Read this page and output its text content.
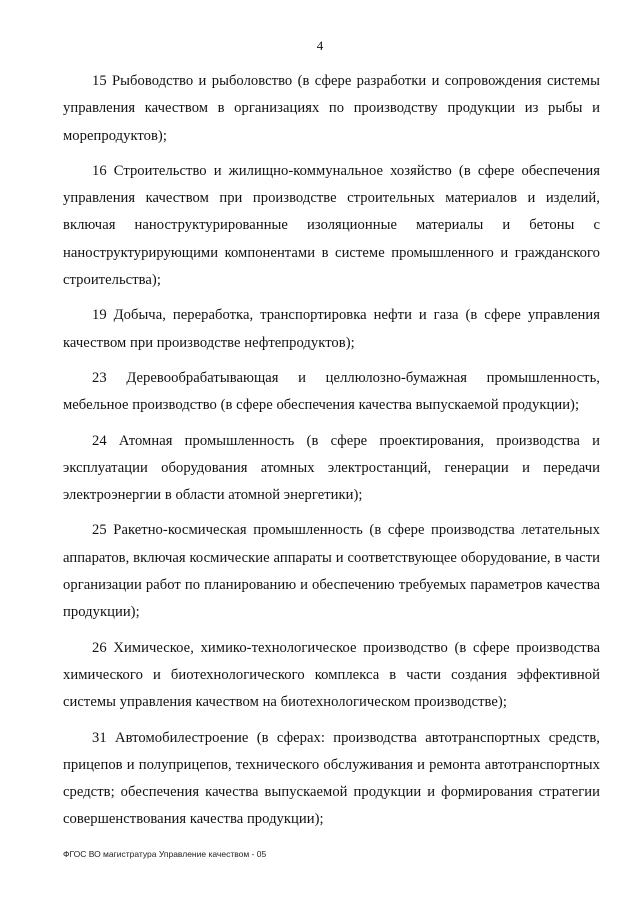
4

15 Рыбоводство и рыболовство (в сфере разработки и сопровождения системы управления качеством в организациях по производству продукции из рыбы и морепродуктов);

16 Строительство и жилищно-коммунальное хозяйство (в сфере обеспечения управления качеством при производстве строительных материалов и изделий, включая наноструктурированные изоляционные материалы и бетоны с наноструктурирующими компонентами в системе промышленного и гражданского строительства);

19 Добыча, переработка, транспортировка нефти и газа (в сфере управления качеством при производстве нефтепродуктов);

23 Деревообрабатывающая и целлюлозно-бумажная промышленность, мебельное производство (в сфере обеспечения качества выпускаемой продукции);

24 Атомная промышленность (в сфере проектирования, производства и эксплуатации оборудования атомных электростанций, генерации и передачи электроэнергии в области атомной энергетики);

25 Ракетно-космическая промышленность (в сфере производства летательных аппаратов, включая космические аппараты и соответствующее оборудование, в части организации работ по планированию и обеспечению требуемых параметров качества продукции);

26 Химическое, химико-технологическое производство (в сфере производства химического и биотехнологического комплекса в части создания эффективной системы управления качеством на биотехнологическом производстве);

31 Автомобилестроение (в сферах: производства автотранспортных средств, прицепов и полуприцепов, технического обслуживания и ремонта автотранспортных средств; обеспечения качества выпускаемой продукции и формирования стратегии совершенствования качества продукции);

ФГОС ВО магистратура Управление качеством - 05
